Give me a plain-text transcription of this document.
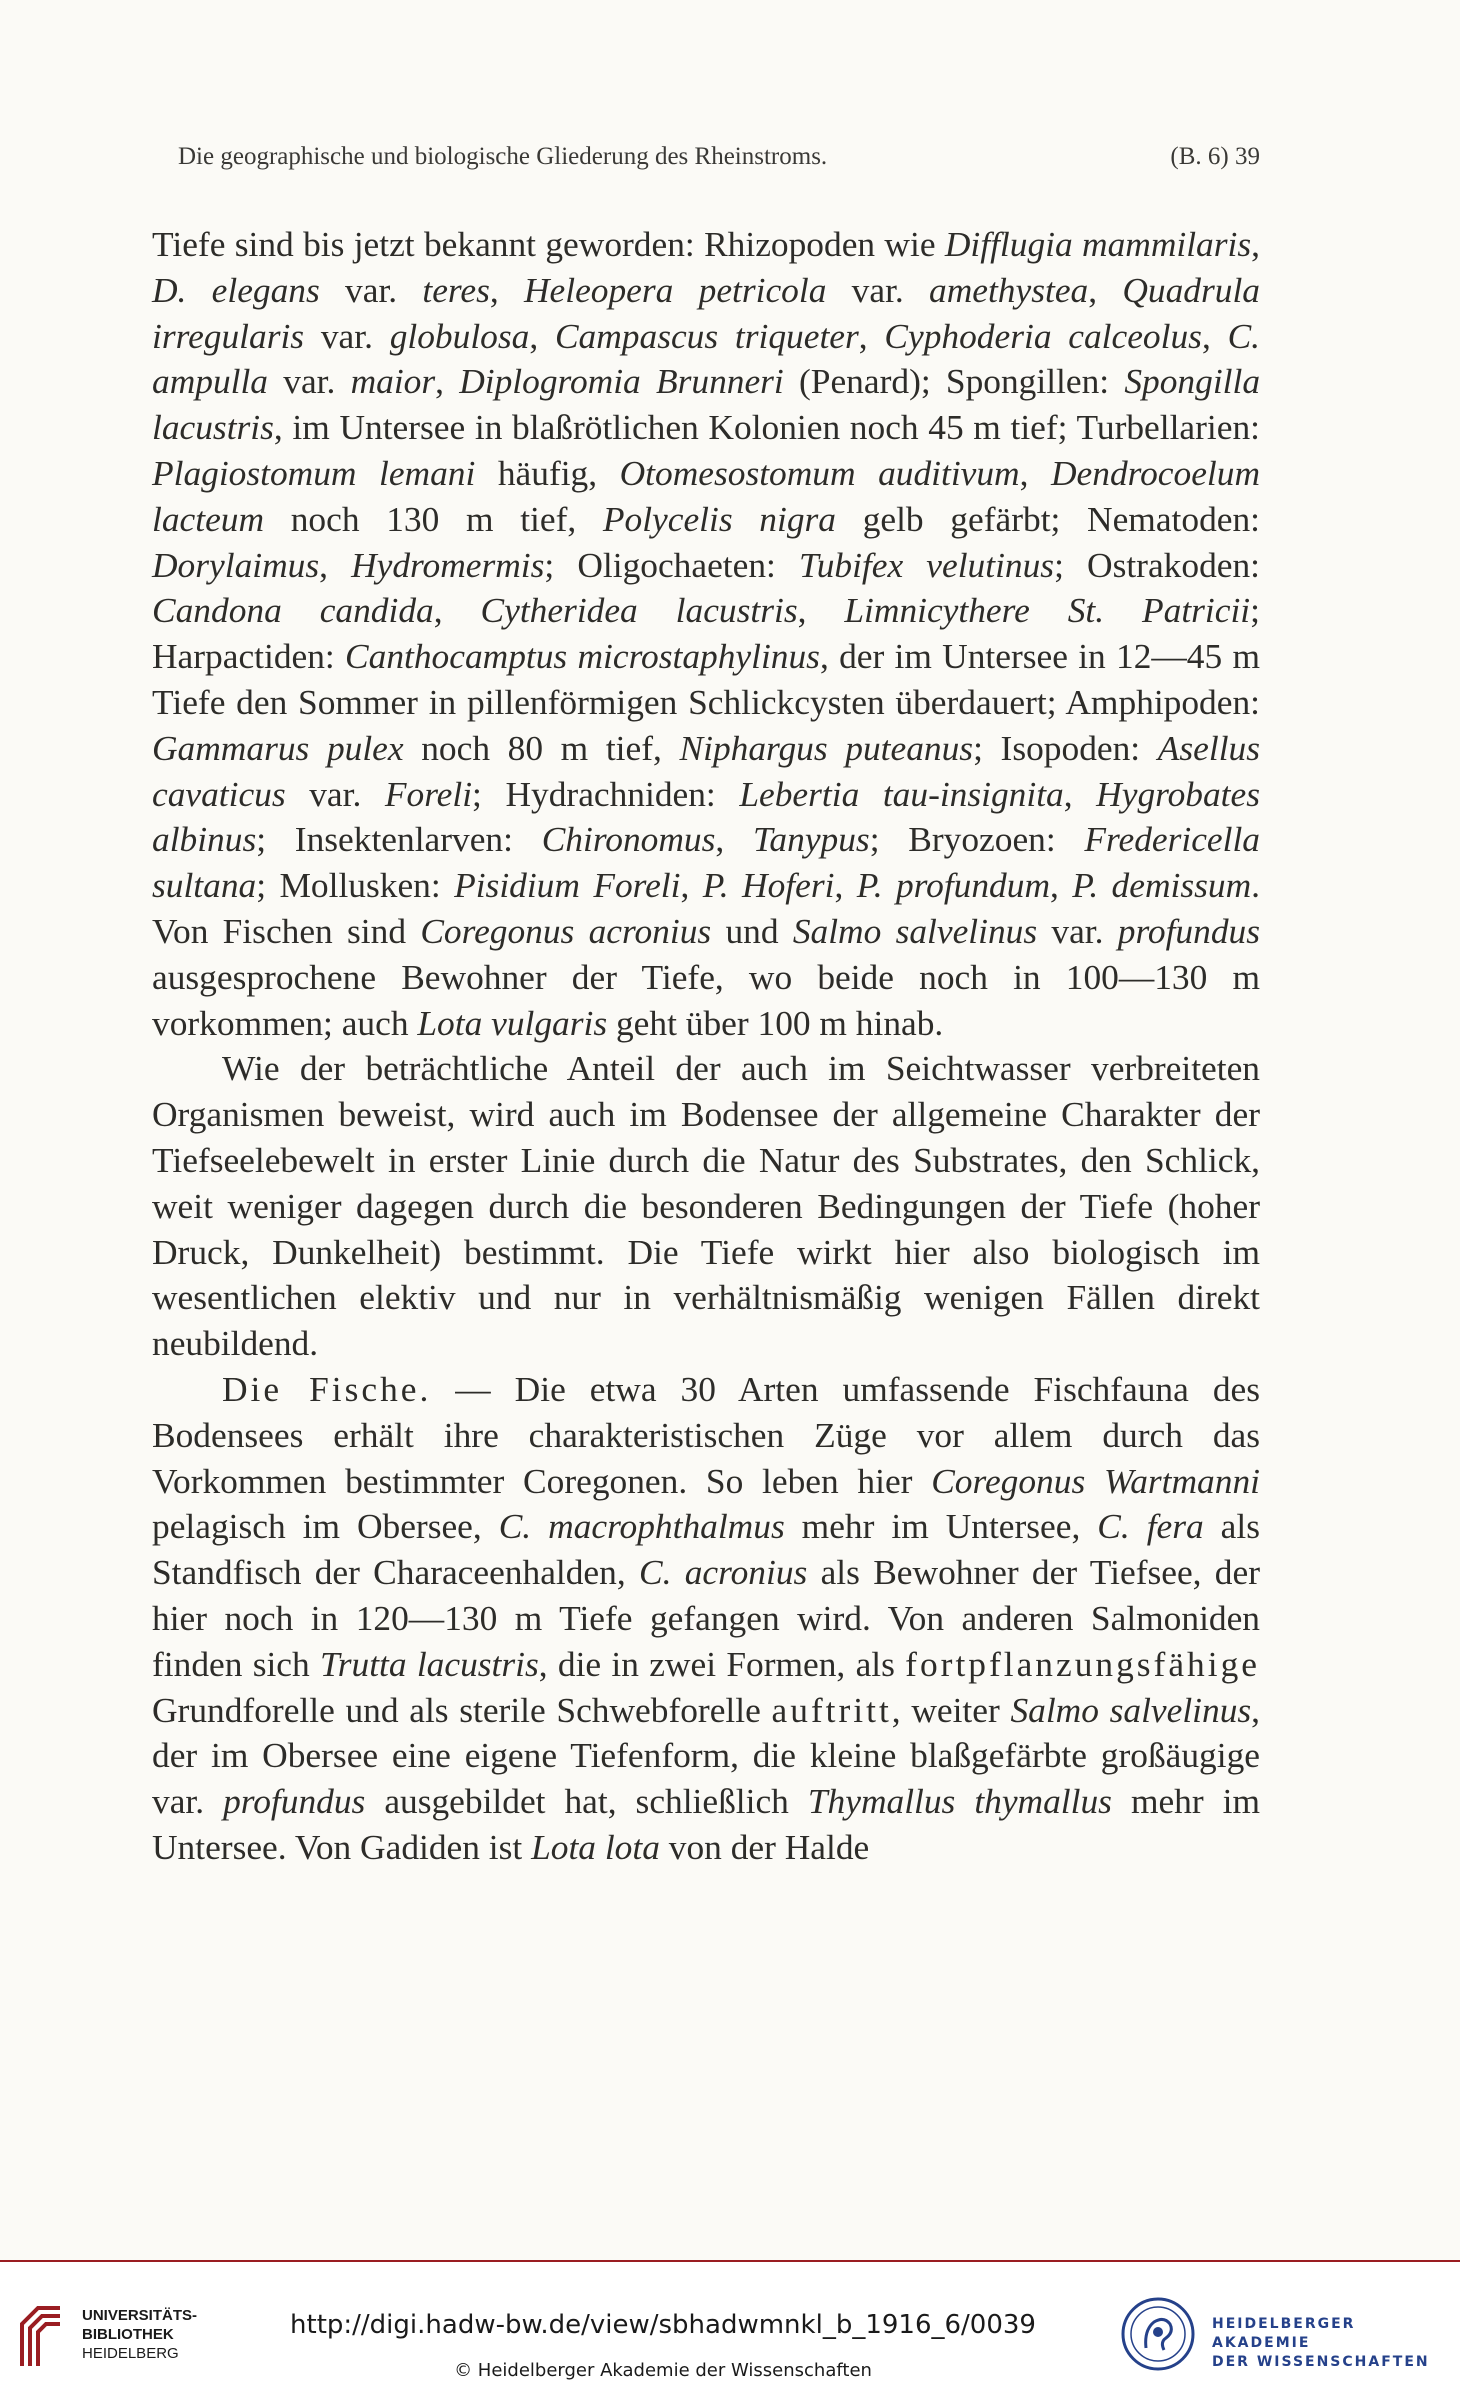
Die geographische und biologische Gliederung des Rheinstroms.	(B. 6) 39

Tiefe sind bis jetzt bekannt geworden: Rhizopoden wie Difflugia mammilaris, D. elegans var. teres, Heleopera petricola var. amethystea, Quadrula irregularis var. globulosa, Campascus triqueter, Cyphoderia calceolus, C. ampulla var. maior, Diplogromia Brunneri (Penard); Spongillen: Spongilla lacustris, im Untersee in blaßrötlichen Kolonien noch 45 m tief; Turbellarien: Plagiostomum lemani häufig, Otomesostomum auditivum, Dendrocoelum lacteum noch 130 m tief, Polycelis nigra gelb gefärbt; Nematoden: Dorylaimus, Hydromermis; Oligochaeten: Tubifex velutinus; Ostrakoden: Candona candida, Cytheridea lacustris, Limnicythere St. Patricii; Harpactiden: Canthocamptus microstaphylinus, der im Untersee in 12—45 m Tiefe den Sommer in pillenförmigen Schlickcysten überdauert; Amphipoden: Gammarus pulex noch 80 m tief, Niphargus puteanus; Isopoden: Asellus cavaticus var. Foreli; Hydrachniden: Lebertia tau-insignita, Hygrobates albinus; Insektenlarven: Chironomus, Tanypus; Bryozoen: Fredericella sultana; Mollusken: Pisidium Foreli, P. Hoferi, P. profundum, P. demissum. Von Fischen sind Coregonus acronius und Salmo salvelinus var. profundus ausgesprochene Bewohner der Tiefe, wo beide noch in 100—130 m vorkommen; auch Lota vulgaris geht über 100 m hinab.

Wie der beträchtliche Anteil der auch im Seichtwasser verbreiteten Organismen beweist, wird auch im Bodensee der allgemeine Charakter der Tiefseelebewelt in erster Linie durch die Natur des Substrates, den Schlick, weit weniger dagegen durch die besonderen Bedingungen der Tiefe (hoher Druck, Dunkelheit) bestimmt. Die Tiefe wirkt hier also biologisch im wesentlichen elektiv und nur in verhältnismäßig wenigen Fällen direkt neubildend.

Die Fische. — Die etwa 30 Arten umfassende Fischfauna des Bodensees erhält ihre charakteristischen Züge vor allem durch das Vorkommen bestimmter Coregonen. So leben hier Coregonus Wartmanni pelagisch im Obersee, C. macrophthalmus mehr im Untersee, C. fera als Standfisch der Characeenhalden, C. acronius als Bewohner der Tiefsee, der hier noch in 120—130 m Tiefe gefangen wird. Von anderen Salmoniden finden sich Trutta lacustris, die in zwei Formen, als fortpflanzungsfähige Grundforelle und als sterile Schwebforelle auftritt, weiter Salmo salvelinus, der im Obersee eine eigene Tiefenform, die kleine blaßgefärbte großäugige var. profundus ausgebildet hat, schließlich Thymallus thymallus mehr im Untersee. Von Gadiden ist Lota lota von der Halde

UNIVERSITÄTS-
BIBLIOTHEK
HEIDELBERG
http://digi.hadw-bw.de/view/sbhadwmnkl_b_1916_6/0039
© Heidelberger Akademie der Wissenschaften
HEIDELBERGER AKADEMIE
DER WISSENSCHAFTEN
